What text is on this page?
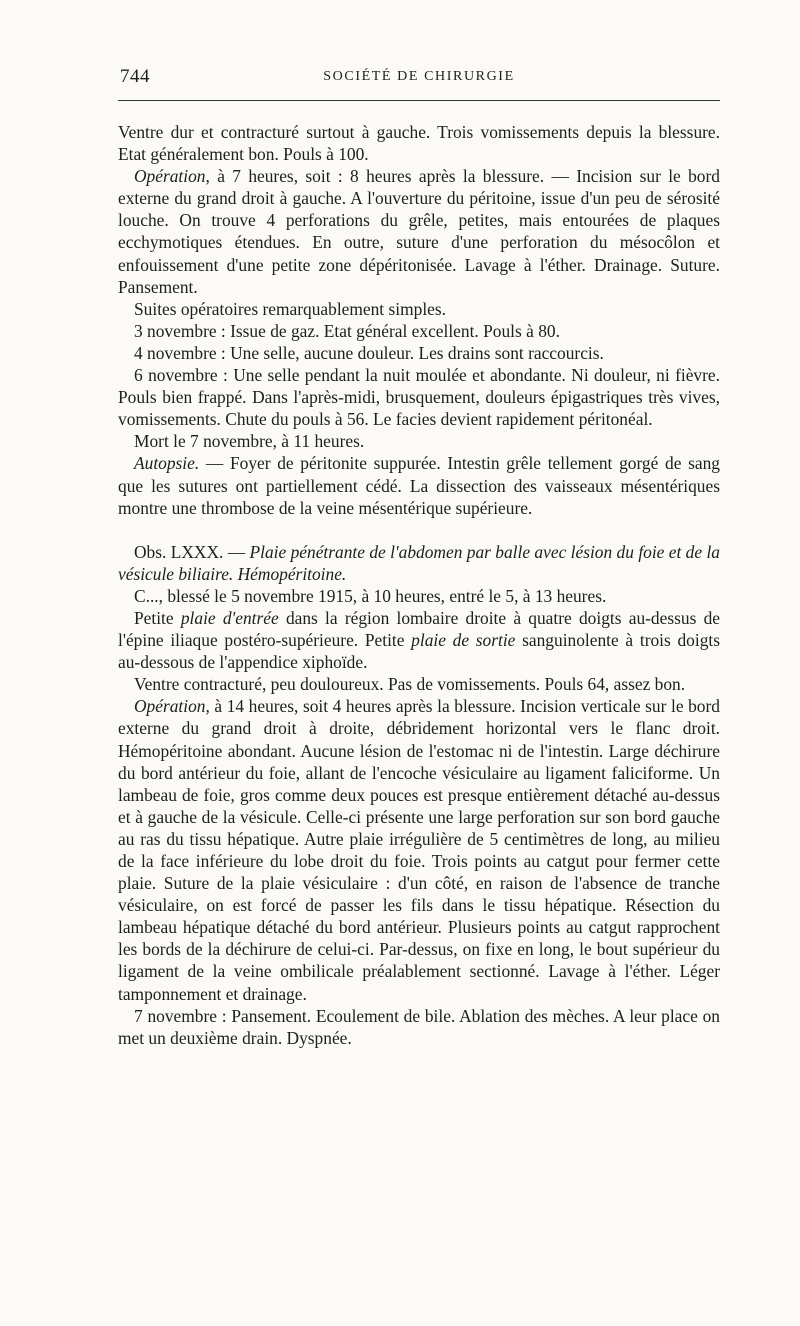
744	SOCIÉTÉ DE CHIRURGIE

Ventre dur et contracturé surtout à gauche. Trois vomissements depuis la blessure. Etat généralement bon. Pouls à 100.

Opération, à 7 heures, soit : 8 heures après la blessure. — Incision sur le bord externe du grand droit à gauche. A l'ouverture du péritoine, issue d'un peu de sérosité louche. On trouve 4 perforations du grêle, petites, mais entourées de plaques ecchymotiques étendues. En outre, suture d'une perforation du mésocôlon et enfouissement d'une petite zone dépéritonisée. Lavage à l'éther. Drainage. Suture. Pansement.

Suites opératoires remarquablement simples.

3 novembre : Issue de gaz. Etat général excellent. Pouls à 80.

4 novembre : Une selle, aucune douleur. Les drains sont raccourcis.

6 novembre : Une selle pendant la nuit moulée et abondante. Ni douleur, ni fièvre. Pouls bien frappé. Dans l'après-midi, brusquement, douleurs épigastriques très vives, vomissements. Chute du pouls à 56. Le facies devient rapidement péritonéal.

Mort le 7 novembre, à 11 heures.

Autopsie. — Foyer de péritonite suppurée. Intestin grêle tellement gorgé de sang que les sutures ont partiellement cédé. La dissection des vaisseaux mésentériques montre une thrombose de la veine mésentérique supérieure.

Obs. LXXX. — Plaie pénétrante de l'abdomen par balle avec lésion du foie et de la vésicule biliaire. Hémopéritoine.

C..., blessé le 5 novembre 1915, à 10 heures, entré le 5, à 13 heures.

Petite plaie d'entrée dans la région lombaire droite à quatre doigts au-dessus de l'épine iliaque postéro-supérieure. Petite plaie de sortie sanguinolente à trois doigts au-dessous de l'appendice xiphoïde.

Ventre contracturé, peu douloureux. Pas de vomissements. Pouls 64, assez bon.

Opération, à 14 heures, soit 4 heures après la blessure. Incision verticale sur le bord externe du grand droit à droite, débridement horizontal vers le flanc droit. Hémopéritoine abondant. Aucune lésion de l'estomac ni de l'intestin. Large déchirure du bord antérieur du foie, allant de l'encoche vésiculaire au ligament faliciforme. Un lambeau de foie, gros comme deux pouces est presque entièrement détaché au-dessus et à gauche de la vésicule. Celle-ci présente une large perforation sur son bord gauche au ras du tissu hépatique. Autre plaie irrégulière de 5 centimètres de long, au milieu de la face inférieure du lobe droit du foie. Trois points au catgut pour fermer cette plaie. Suture de la plaie vésiculaire : d'un côté, en raison de l'absence de tranche vésiculaire, on est forcé de passer les fils dans le tissu hépatique. Résection du lambeau hépatique détaché du bord antérieur. Plusieurs points au catgut rapprochent les bords de la déchirure de celui-ci. Par-dessus, on fixe en long, le bout supérieur du ligament de la veine ombilicale préalablement sectionné. Lavage à l'éther. Léger tamponnement et drainage.

7 novembre : Pansement. Ecoulement de bile. Ablation des mèches. A leur place on met un deuxième drain. Dyspnée.
